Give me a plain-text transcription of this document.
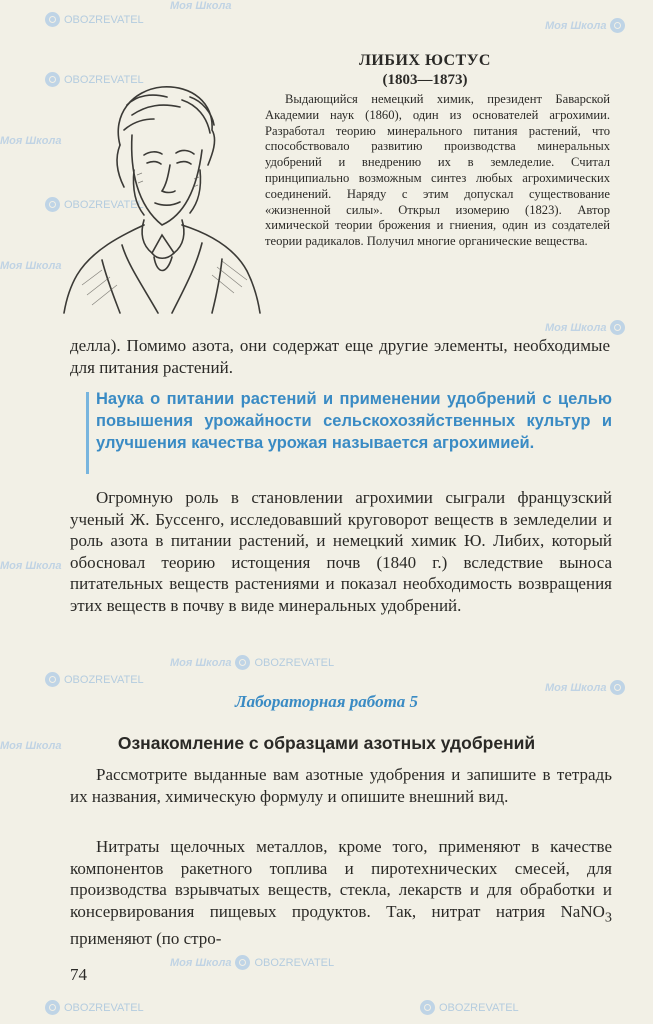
OBOZREVATEL
Моя Школа
Моя Школа
OBOZREVATEL
Моя Школа
OBOZREVATEL
Моя Школа
Моя Школа
Моя Школа
Моя Школа OBOZREVATEL
OBOZREVATEL
Моя Школа
Моя Школа
Моя Школа OBOZREVATEL
OBOZREVATEL	OBOZREVATEL
ЛИБИХ ЮСТУС
(1803—1873)
Выдающийся немецкий химик, президент Баварской Академии наук (1860), один из основателей агрохимии. Разработал теорию минерального питания растений, что способствовало развитию производства минеральных удобрений и внедрению их в земледелие. Считал принципиально возможным синтез любых агрохимических соединений. Наряду с этим допускал существование «жизненной силы». Открыл изомерию (1823). Автор химической теории брожения и гниения, один из создателей теории радикалов. Получил многие органические вещества.
делла). Помимо азота, они содержат еще другие элементы, необходимые для питания растений.
Наука о питании растений и применении удобрений с целью повышения урожайности сельскохозяйственных культур и улучшения качества урожая называется агрохимией.
Огромную роль в становлении агрохимии сыграли французский ученый Ж. Буссенго, исследовавший круговорот веществ в земледелии и роль азота в питании растений, и немецкий химик Ю. Либих, который обосновал теорию истощения почв (1840 г.) вследствие выноса питательных веществ растениями и показал необходимость возвращения этих веществ в почву в виде минеральных удобрений.
Лабораторная работа 5
Ознакомление с образцами азотных удобрений
Рассмотрите выданные вам азотные удобрения и запишите в тетрадь их названия, химическую формулу и опишите внешний вид.
Нитраты щелочных металлов, кроме того, применяют в качестве компонентов ракетного топлива и пиротехнических смесей, для производства взрывчатых веществ, стекла, лекарств и для обработки и консервирования пищевых продуктов. Так, нитрат натрия NaNO$_3$ применяют (по стро-
74
